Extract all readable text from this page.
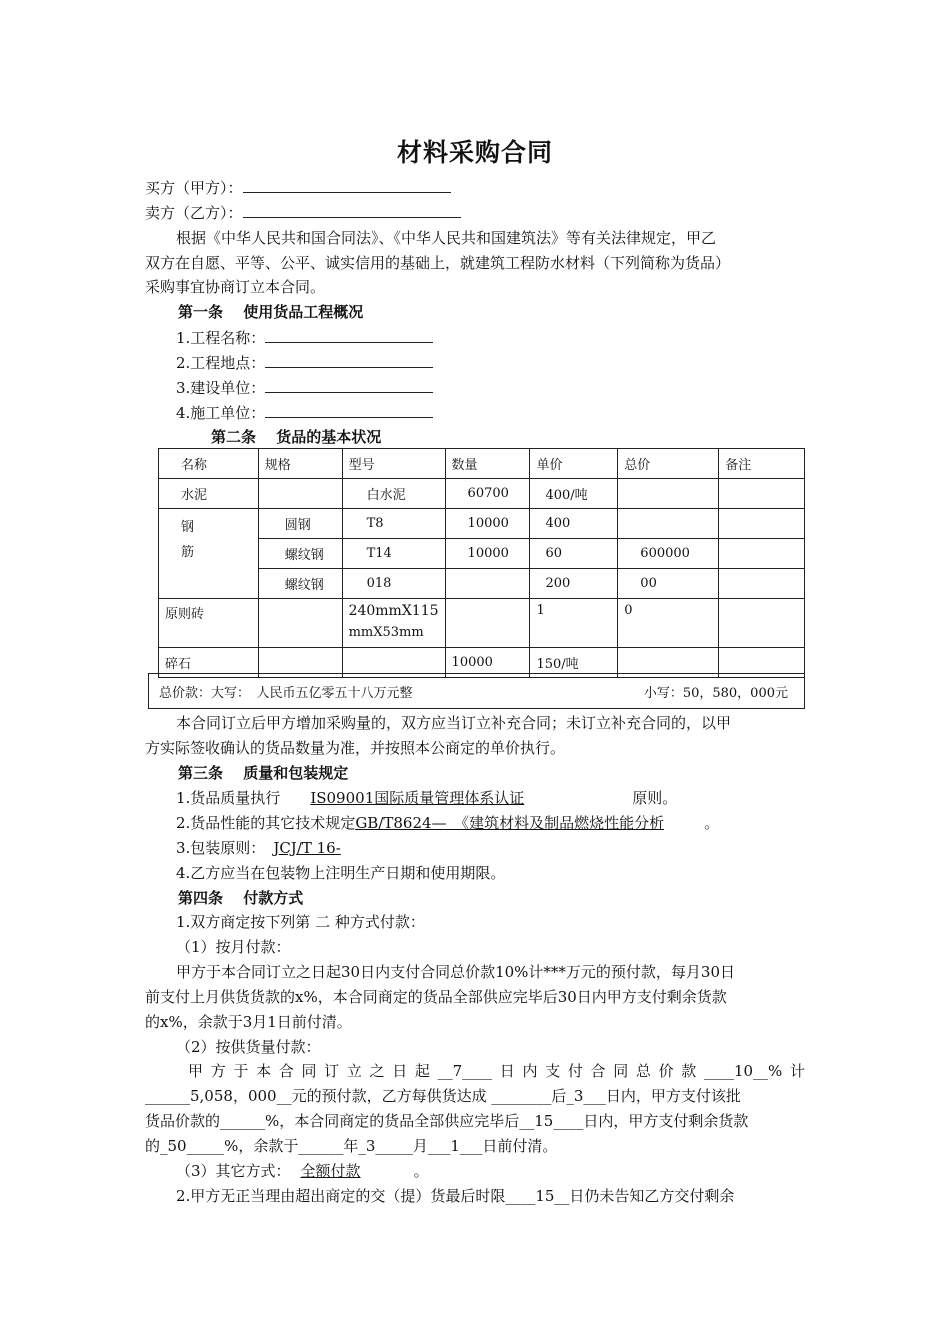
材料采购合同
买方（甲方）：
卖方（乙方）：
根据《中华人民共和国合同法》、《中华人民共和国建筑法》等有关法律规定，甲乙
双方在自愿、平等、公平、诚实信用的基础上，就建筑工程防水材料（下列简称为货品）
采购事宜协商订立本合同。
第一条　 使用货品工程概况
1.工程名称：
2.工程地点：
3.建设单位：
4.施工单位：
第二条　 货品的基本状况
名称	规格	型号	数量	单价	总价	备注
水泥		白水泥	60700	400/吨		

钢
筋	圆钢	T8	10000	400		
	螺纹钢	T14	10000	60	600000	
	螺纹钢	018		200	00	
原则砖		240mmX115
mmX53mm		1	0	
碎石			10000	150/吨		
总价款：大写：　人民币五亿零五十八万元整	小写：50，580，000元
本合同订立后甲方增加采购量的，双方应当订立补充合同；未订立补充合同的，以甲
方实际签收确认的货品数量为准，并按照本公商定的单价执行。
第三条　 质量和包装规定
1.货品质量执行 IS09001国际质量管理体系认证	原则。
2.货品性能的其它技术规定GB/T8624—　《建筑材料及制品燃烧性能分析	。
3.包装原则： JCJ/T 16-
4.乙方应当在包装物上注明生产日期和使用期限。
第四条　 付款方式
1.双方商定按下列第 二 种方式付款：
（1）按月付款：
甲方于本合同订立之日起30日内支付合同总价款10%计***万元的预付款，每月30日
前支付上月供货货款的x%，本合同商定的货品全部供应完毕后30日内甲方支付剩余货款
的x%，余款于3月1日前付清。
（2）按供货量付款：
甲 方 于 本 合 同 订 立 之 日 起 __7____ 日 内 支 付 合 同 总 价 款 ____10__% 计
______5,058，000__元的预付款，乙方每供货达成 ________后_3___日内，甲方支付该批
货品价款的______%，本合同商定的货品全部供应完毕后__15____日内，甲方支付剩余货款
的_50_____%，余款于______年_3_____月___1___日前付清。
（3）其它方式： 全额付款	　。
2.甲方无正当理由超出商定的交（提）货最后时限____15__日仍未告知乙方交付剩余
